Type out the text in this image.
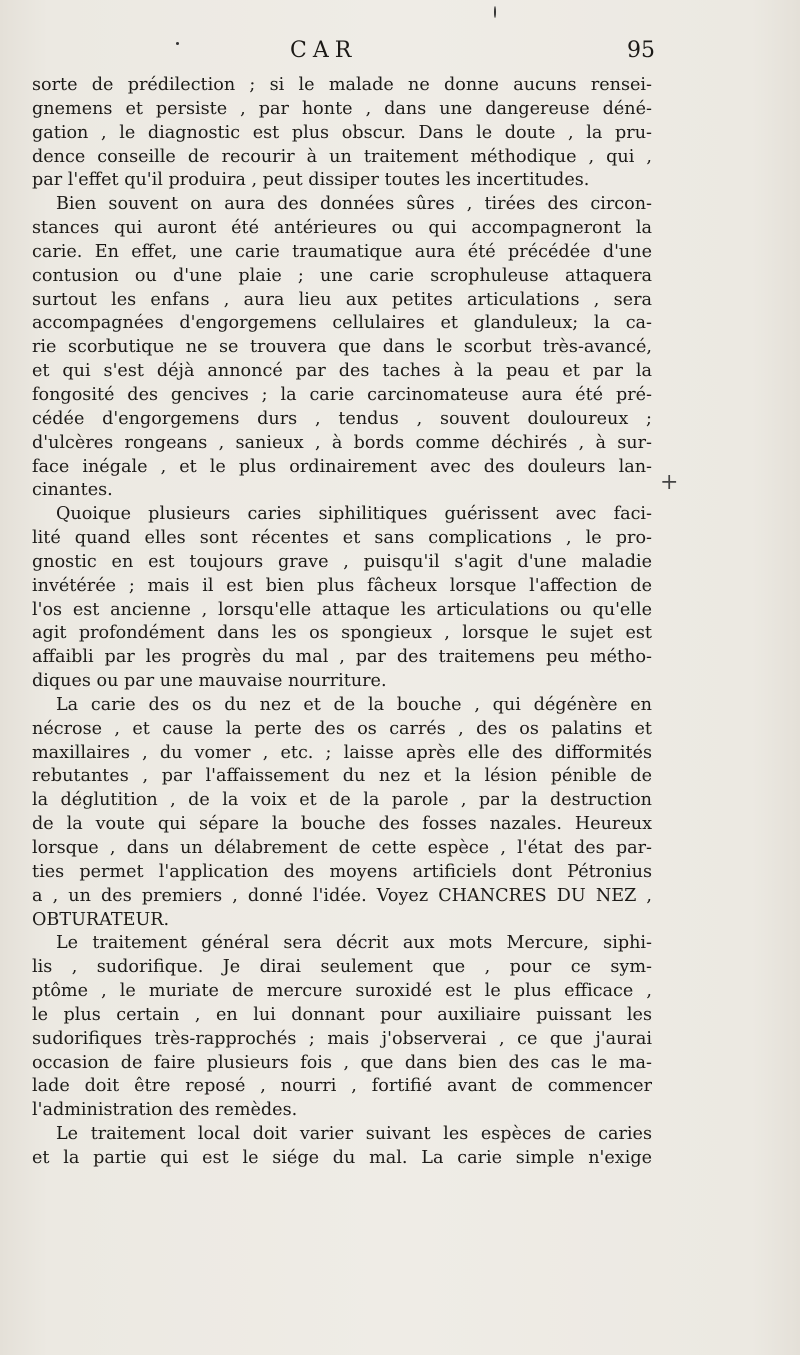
CAR	95
sorte de prédilection ; si le malade ne donne aucuns rensei-
gnemens et persiste , par honte , dans une dangereuse déné-
gation , le diagnostic est plus obscur. Dans le doute , la pru-
dence conseille de recourir à un traitement méthodique , qui ,
par l'effet qu'il produira , peut dissiper toutes les incertitudes.
Bien souvent on aura des données sûres , tirées des circon-
stances qui auront été antérieures ou qui accompagneront la
carie. En effet, une carie traumatique aura été précédée d'une
contusion ou d'une plaie ; une carie scrophuleuse attaquera
surtout les enfans , aura lieu aux petites articulations , sera
accompagnées d'engorgemens cellulaires et glanduleux; la ca-
rie scorbutique ne se trouvera que dans le scorbut très-avancé,
et qui s'est déjà annoncé par des taches à la peau et par la
fongosité des gencives ; la carie carcinomateuse aura été pré-
cédée d'engorgemens durs , tendus , souvent douloureux ;
d'ulcères rongeans , sanieux , à bords comme déchirés , à sur-
face inégale , et le plus ordinairement avec des douleurs lan-
cinantes.
Quoique plusieurs caries siphilitiques guérissent avec faci-
lité quand elles sont récentes et sans complications , le pro-
gnostic en est toujours grave , puisqu'il s'agit d'une maladie
invétérée ; mais il est bien plus fâcheux lorsque l'affection de
l'os est ancienne , lorsqu'elle attaque les articulations ou qu'elle
agit profondément dans les os spongieux , lorsque le sujet est
affaibli par les progrès du mal , par des traitemens peu métho-
diques ou par une mauvaise nourriture.
La carie des os du nez et de la bouche , qui dégénère en
nécrose , et cause la perte des os carrés , des os palatins et
maxillaires , du vomer , etc. ; laisse après elle des difformités
rebutantes , par l'affaissement du nez et la lésion pénible de
la déglutition , de la voix et de la parole , par la destruction
de la voute qui sépare la bouche des fosses nazales. Heureux
lorsque , dans un délabrement de cette espèce , l'état des par-
ties permet l'application des moyens artificiels dont Pétronius
a , un des premiers , donné l'idée. Voyez CHANCRES DU NEZ ,
OBTURATEUR.
Le traitement général sera décrit aux mots Mercure, siphi-
lis , sudorifique. Je dirai seulement que , pour ce sym-
ptôme , le muriate de mercure suroxidé est le plus efficace ,
le plus certain , en lui donnant pour auxiliaire puissant les
sudorifiques très-rapprochés ; mais j'observerai , ce que j'aurai
occasion de faire plusieurs fois , que dans bien des cas le ma-
lade doit être reposé , nourri , fortifié avant de commencer
l'administration des remèdes.
Le traitement local doit varier suivant les espèces de caries
et la partie qui est le siége du mal. La carie simple n'exige
+
